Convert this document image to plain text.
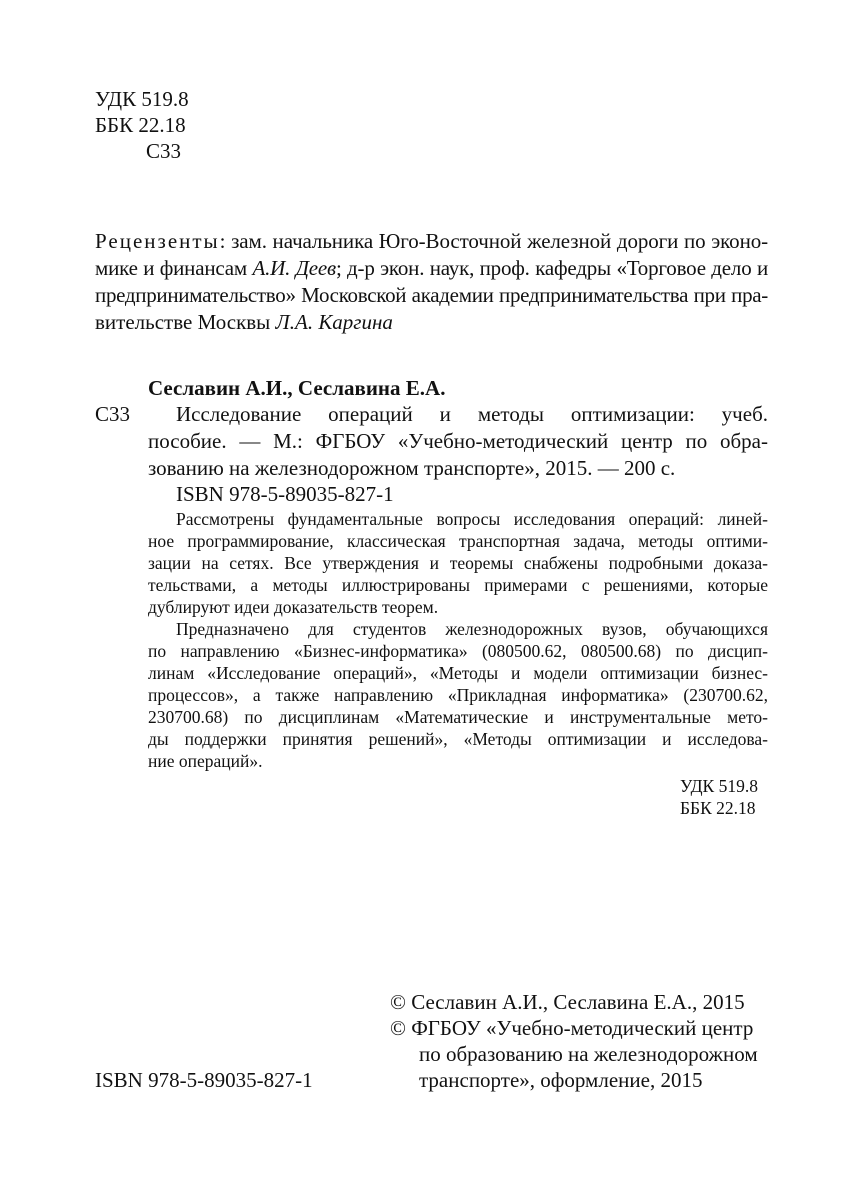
УДК 519.8
ББК 22.18
С33
Рецензенты: зам. начальника Юго-Восточной железной дороги по эконо-
мике и финансам А.И. Деев; д-р экон. наук, проф. кафедры «Торговое дело и
предпринимательство» Московской академии предпринимательства при пра-
вительстве Москвы Л.А. Каргина
Сеславин А.И., Сеславина Е.А.
С33 Исследование операций и методы оптимизации: учеб.
пособие. — М.: ФГБОУ «Учебно-методический центр по обра-
зованию на железнодорожном транспорте», 2015. — 200 с.
ISBN 978-5-89035-827-1
Рассмотрены фундаментальные вопросы исследования операций: линей-
ное программирование, классическая транспортная задача, методы оптими-
зации на сетях. Все утверждения и теоремы снабжены подробными доказа-
тельствами, а методы иллюстрированы примерами с решениями, которые
дублируют идеи доказательств теорем.
Предназначено для студентов железнодорожных вузов, обучающихся
по направлению «Бизнес-информатика» (080500.62, 080500.68) по дисцип-
линам «Исследование операций», «Методы и модели оптимизации бизнес-
процессов», а также направлению «Прикладная информатика» (230700.62,
230700.68) по дисциплинам «Математические и инструментальные мето-
ды поддержки принятия решений», «Методы оптимизации и исследова-
ние операций».
УДК 519.8
ББК 22.18
ISBN 978-5-89035-827-1
© Сеславин А.И., Сеславина Е.А., 2015
© ФГБОУ «Учебно-методический центр
по образованию на железнодорожном
транспорте», оформление, 2015
